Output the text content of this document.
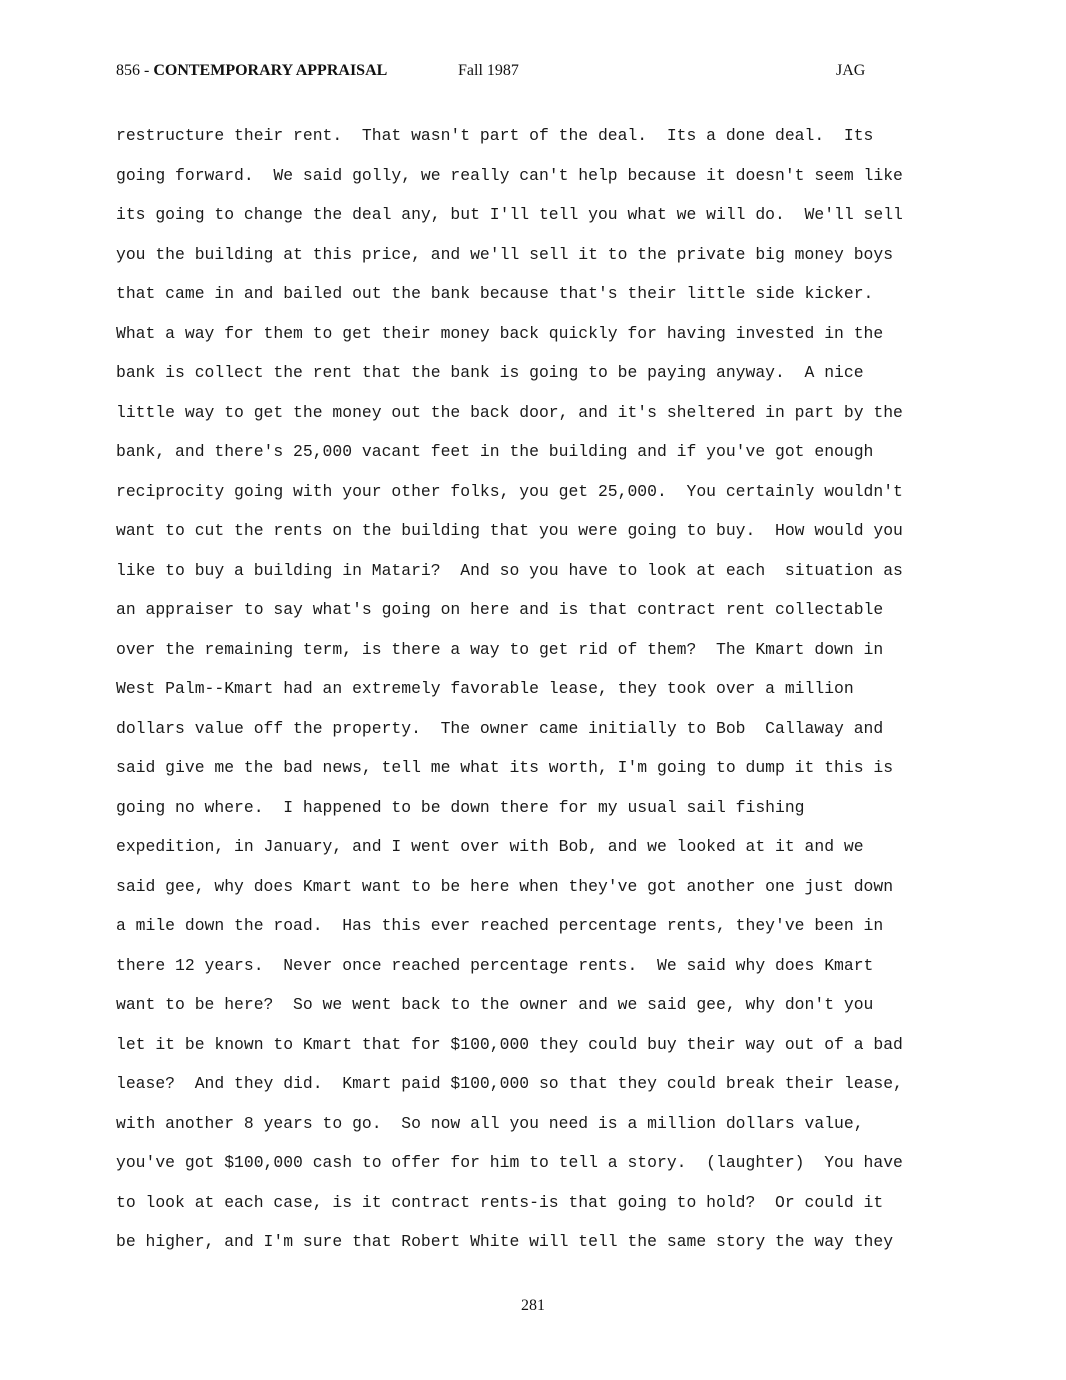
856 - CONTEMPORARY APPRAISAL	Fall 1987	JAG
restructure their rent.  That wasn't part of the deal.  Its a done deal.  Its
going forward.  We said golly, we really can't help because it doesn't seem like
its going to change the deal any, but I'll tell you what we will do.  We'll sell
you the building at this price, and we'll sell it to the private big money boys
that came in and bailed out the bank because that's their little side kicker.
What a way for them to get their money back quickly for having invested in the
bank is collect the rent that the bank is going to be paying anyway.  A nice
little way to get the money out the back door, and it's sheltered in part by the
bank, and there's 25,000 vacant feet in the building and if you've got enough
reciprocity going with your other folks, you get 25,000.  You certainly wouldn't
want to cut the rents on the building that you were going to buy.  How would you
like to buy a building in Matari?  And so you have to look at each  situation as
an appraiser to say what's going on here and is that contract rent collectable
over the remaining term, is there a way to get rid of them?  The Kmart down in
West Palm--Kmart had an extremely favorable lease, they took over a million
dollars value off the property.  The owner came initially to Bob  Callaway and
said give me the bad news, tell me what its worth, I'm going to dump it this is
going no where.  I happened to be down there for my usual sail fishing
expedition, in January, and I went over with Bob, and we looked at it and we
said gee, why does Kmart want to be here when they've got another one just down
a mile down the road.  Has this ever reached percentage rents, they've been in
there 12 years.  Never once reached percentage rents.  We said why does Kmart
want to be here?  So we went back to the owner and we said gee, why don't you
let it be known to Kmart that for $100,000 they could buy their way out of a bad
lease?  And they did.  Kmart paid $100,000 so that they could break their lease,
with another 8 years to go.  So now all you need is a million dollars value,
you've got $100,000 cash to offer for him to tell a story.  (laughter)  You have
to look at each case, is it contract rents-is that going to hold?  Or could it
be higher, and I'm sure that Robert White will tell the same story the way they
281
